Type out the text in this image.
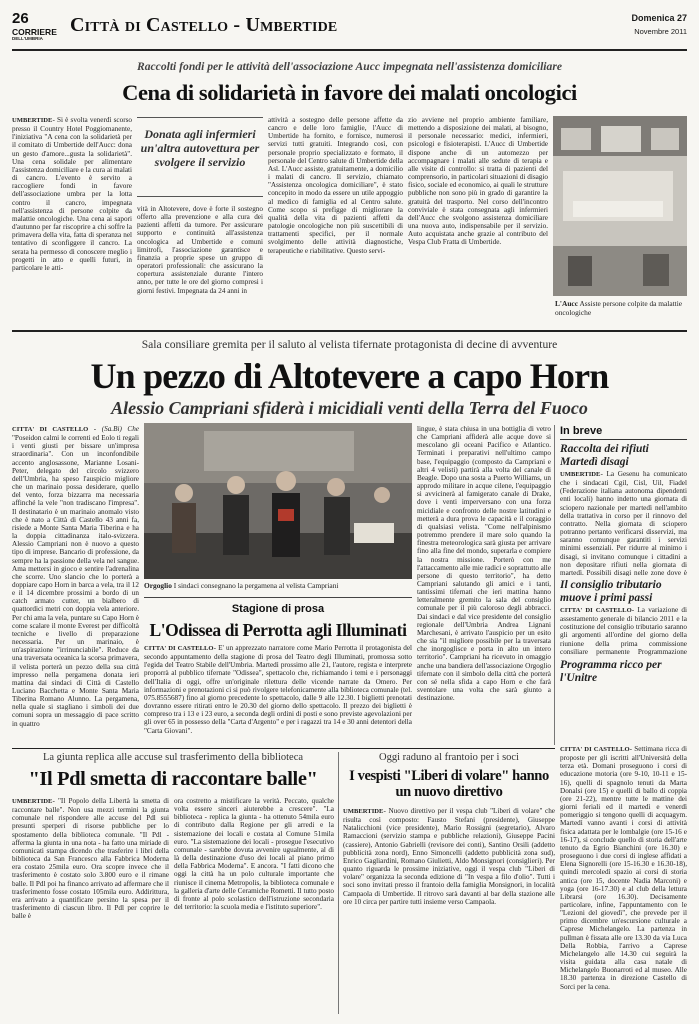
26
CORRIERE
DELL'UMBRIA
Città di Castello - Umbertide	Domenica 27
Novembre 2011
Raccolti fondi per le attività dell'associazione Aucc impegnata nell'assistenza domiciliare
Cena di solidarietà in favore dei malati oncologici

UMBERTIDE- Si è svolta venerdì scorso presso il Country Hotel Poggiomanente, l'iniziativa "A cena con la solidarietà per il comitato di Umbertide dell'Aucc: dona un gesto d'amore...gusta la solidarietà". Una cena solidale per alimentare l'assistenza domiciliare e la cura ai malati di cancro. L'evento è servito a raccogliere fondi in favore dell'associazione umbra per la lotta contro il cancro, impegnata nell'assistenza di persone colpite da malattie oncologiche. Una cena ai sapori d'autunno per far riscoprire a chi soffre la primavera della vita, fatta di speranza nel tentativo di sconfiggere il cancro. La serata ha permesso di conoscere meglio i progetti in atto e quelli futuri, in particolare le atti-

Donata agli infermieri un'altra autovettura per svolgere il servizio

vità in Altotevere, dove è forte il sostegno offerto alla prevenzione e alla cura dei pazienti affetti da tumore. Per assicurare supporto e continuità all'assistenza oncologica ad Umbertide e comuni limitrofi, l'associazione garantisce e finanzia a proprie spese un gruppo di operatori professionali: che assicurano la copertura assistenziale durante l'intero anno, per tutte le ore del giorno compresi i giorni festivi. Impegnata da 24 anni in

attività a sostegno delle persone affette da cancro e delle loro famiglie, l'Aucc di Umbertide ha fornito, e fornisce, numerosi servizi tutti gratuiti. Integrando così, con personale proprio specializzato e formato, il personale del Centro salute di Umbertide della Asl. L'Aucc assiste, gratuitamente, a domicilio i malati di cancro. Il servizio, chiamato "Assistenza oncologica domiciliare", è stato concepito in modo da essere un utile appoggio al medico di famiglia ed al Centro salute. Come scopo si prefigge di migliorare la qualità della vita di pazienti affetti da patologie oncologiche non più suscettibili di trattamenti specifici, per il normale svolgimento delle attività diagnostiche, terapeutiche e riabilitative. Questo servi-

zio avviene nel proprio ambiente familiare, mettendo a disposizione dei malati, al bisogno, il personale necessario: medici, infermieri, psicologi e fisioterapisti. L'Aucc di Umbertide dispone anche di un automezzo per accompagnare i malati alle sedute di terapia e alle visite di controllo: si tratta di pazienti del comprensorio, in particolari situazioni di disagio fisico, sociale ed economico, ai quali le strutture pubbliche non sono più in grado di garantire la gratuità del trasporto. Nel corso dell'incontro conviviale è stata consegnata agli infermieri dell'Aucc che svolgono assistenza domiciliare una nuova auto, indispensabile per il servizio. Auto acquistata anche grazie al contributo del Vespa Club Fratta di Umbertide.

L'Aucc Assiste persone colpite da malattie oncologiche
Sala consiliare gremita per il saluto al velista tifernate protagonista di decine di avventure
Un pezzo di Altotevere a capo Horn
Alessio Campriani sfiderà i micidiali venti della Terra del Fuoco

CITTA' DI CASTELLO - (Sa.Bi) Che "Poseidon calmi le correnti ed Eolo ti regali i venti giusti per bissare un'impresa straordinaria". Con un inconfondibile accento anglosassone, Marianne Losani-Peter, delegato del circolo svizzero dell'Umbria, ha speso l'auspicio migliore che un marinaio possa desiderare, quello del vento, forza bizzarra ma necessaria affinché la vele "non tradiscano l'impresa". Il destinatario è un marinaio anomalo visto che è nato a Città di Castello 43 anni fa, risiede a Monte Santa Maria Tiberina e ha la doppia cittadinanza italo-svizzera. Alessio Campriani non è nuovo a questo tipo di imprese. Bancario di professione, da sempre ha la passione della vela nel sangue. Ama mettersi in gioco e sentire l'adrenalina che scorre. Uno slancio che lo porterà a doppiare capo Horn in barca a vela, tra il 12 e il 14 dicembre prossimi a bordo di un catch armato cutter, un bialbero di quattordici metri con doppia vela anteriore. Per chi ama la vela, puntare su Capo Horn è come scalare il monte Everest per difficoltà tecniche e livello di preparazione necessaria. Per un marinaio, è un'aspirazione "irrinunciabile". Reduce da una traversata oceanica la scorsa primavera, il velista porterà un pezzo della sua città impresso nella pergamena donata ieri mattina dai sindaci di Città di Castello Luciano Bacchetta e Monte Santa Maria Tiberina Romano Alunno. La pergamena, nella quale si stagliano i simboli dei due comuni sopra un messaggio di pace scritto in quattro

Orgoglio I sindaci consegnano la pergamena al velista Campriani

lingue, è stata chiusa in una bottiglia di vetro che Campriani affiderà alle acque dove si mescolano gli oceani Pacifico e Atlantico. Terminati i preparativi nell'ultimo campo base, l'equipaggio (composto da Campriani e altri 4 velisti) partirà alla volta del canale di Beagle. Dopo una sosta a Puerto Williams, un approdo militare in acque cilene, l'equipaggio si avvicinerà al famigerato canale di Drake, dove i venti imperversano con una forza micidiale e confronto delle nostre latitudini e metterà a dura prova le capacità e il coraggio di qualsiasi velista. "Come nell'alpinismo potremmo prendere il mare solo quando la finestra meteorologica sarà giusta per arrivare fino alla fine del mondo, superarla e compiere la nostra missione. Porterò con me l'attaccamento alle mie radici e soprattutto alle persone di questo territorio", ha detto Campriani salutando gli amici e i tanti, tantissimi tifernati che ieri mattina hanno letteralmente gremito la sala del consiglio comunale per il più caloroso degli abbracci. Dai sindaci e dal vice presidente del consiglio regionale dell'Umbria Andrea Lignani Marchesani, è arrivato l'auspicio per un esito che sia "il migliore possibile per la traversata che inorgoglisce e porta in alto un intero territorio". Campriani ha ricevuto in omaggio anche una bandiera dell'associazione Orgoglio tifernate con il simbolo della città che porterà con sé nella sfida a capo Horn e che farà sventolare una volta che sarà giunto a destinazione.

Stagione di prosa
L'Odissea di Perrotta agli Illuminati

CITTA' DI CASTELLO- E' un apprezzato narratore come Mario Perrotta il protagonista del secondo appuntamento della stagione di prosa del Teatro degli Illuminati, promossa sotto l'egida del Teatro Stabile dell'Umbria. Martedì prossimo alle 21, l'autore, regista e interprete proporrà al pubblico tifernate "Odissea", spettacolo che, richiamando i temi e i personaggi dell'Italia di oggi, offre un'originale rilettura delle vicende narrate da Omero. Per informazioni e prenotazioni ci si può rivolgere telefonicamente alla biblioteca comunale (tel. 075.8555687) fino al giorno precedente lo spettacolo, dalle 9 alle 12.30. I biglietti prenotati dovranno essere ritirati entro le 20.30 del giorno dello spettacolo. Il prezzo dei biglietti è compreso tra i 13 e i 23 euro, a seconda degli ordini di posti e sono previste agevolazioni per gli over 65 in possesso della "Carta d'Argento" e per i ragazzi tra 14 e 30 anni detentori della "Carta Giovani".

In breve
Raccolta dei rifiuti Martedì disagi

UMBERTIDE- La Gesenu ha comunicato che i sindacati Cgil, Cisl, Uil, Fiadel (Federazione italiana autonoma dipendenti enti locali) hanno indetto una giornata di sciopero nazionale per martedì nell'ambito della trattativa in corso per il rinnovo del contratto. Nella giornata di sciopero potranno pertanto verificarsi disservizi, ma saranno comunque garantiti i servizi minimi essenziali. Per ridurre al minimo i disagi, si invitano comunque i cittadini a non depositare rifiuti nella giornata di martedì. Possibili disagi nelle zone dove è

Il consiglio tributario muove i primi passi

CITTA' DI CASTELLO- La variazione di assestamento generale di bilancio 2011 e la costituzione del consiglio tributario saranno gli argomenti all'ordine del giorno della riunione della prima commissione consiliare permanente Programmazione

Programma ricco per l'Unitre

CITTA' DI CASTELLO- Settimana ricca di proposte per gli iscritti all'Università della terza età. Domani proseguono i corsi di educazione motoria (ore 9-10, 10-11 e 15-16), quelli di spagnolo tenuti da Marta Donalsi (ore 15) e quelli di ballo di coppia (ore 21-22), mentre tutte le mattine dei giorni feriali ed il martedì e venerdì pomeriggio si tengono quelli di acquagym. Martedì vanno avanti i corsi di attività fisica adattata per le lombalgie (ore 15-16 e 16-17), si conclude quello di storia dell'arte tenuto da Egrio Bianchini (ore 16.30) e proseguono i due corsi di inglese affidati a Elena Signorelli (ore 15-16.30 e 16.30-18), quindi mercoledì spazio ai corsi di storia antica (ore 15, docente Nadia Marconi) e yoga (ore 16-17.30) e al club della lettura Librarsi (ore 16.30). Decisamente particolare, infine, l'appuntamento con le "Lezioni del giovedì", che prevede per il primo dicembre un'escursione culturale a Caprese Michelangelo. La partenza in pullman è fissata alle ore 13.30 da via Luca Della Robbia, l'arrivo a Caprese Michelangelo alle 14.30 cui seguirà la visita guidata alla casa natale di Michelangelo Buonarroti ed al museo. Alle 18.30 partenza in direzione Castello di Sorci per la cena.

La giunta replica alle accuse sul trasferimento della biblioteca
"Il Pdl smetta di raccontare balle"

UMBERTIDE- "Il Popolo della Libertà la smetta di raccontare balle". Non usa mezzi termini la giunta comunale nel rispondere alle accuse del Pdl sui presunti sperperi di risorse pubbliche per lo spostamento della biblioteca comunale. "Il Pdl - afferma la giunta in una nota - ha fatto una miriade di comunicati stampa dicendo che trasferire i libri della biblioteca da San Francesco alla Fabbrica Moderna era costato 25mila euro. Ora scopre invece che il trasferimento è costato solo 3.800 euro e il rimane balle. Il Pdl poi ha financo arrivato ad affermare che il trasferimento fosse costato 105mila euro. Addirittura, era arrivato a quantificare persino la spesa per il trasferimento di ciascun libro. Il Pdl per coprire le balle è

ora costretto a mistificare la verità. Peccato, qualche volta essere sinceri aiuterebbe a crescere". "La biblioteca - replica la giunta - ha ottenuto 54mila euro di contributo dalla Regione per gli arredi e la sistemazione dei locali e costata al Comune 51mila euro. "La sistemazione dei locali - prosegue l'esecutivo comunale - sarebbe dovuta avvenire ugualmente, al di là della destinazione d'uso dei locali al piano primo della Fabbrica Moderna". E ancora. "I fatti dicono che oggi la città ha un polo culturale importante che riunisce il cinema Metropolis, la biblioteca comunale e la galleria d'arte delle Ceramiche Rometti. Il tutto posto di fronte al polo scolastico dell'istruzione secondaria del territorio: la scuola media e l'istituto superiore".

Oggi raduno al frantoio per i soci
I vespisti "Liberi di volare" hanno un nuovo direttivo

UMBERTIDE- Nuovo direttivo per il vespa club "Liberi di volare" che risulta così composto: Fausto Stefani (presidente), Giuseppe Natalicchioni (vice presidente), Mario Rossigni (segretario), Alvaro Ramaccioni (servizio stampa e pubbliche relazioni), Giuseppe Pacini (cassiere), Antonio Gabrielli (revisore dei conti), Santino Orsili (addetto pubblicità zona nord), Enno Simoncelli (addetto pubblicità zona sud), Enrico Gagliardini, Romano Giulietti, Aldo Monsignori (consiglieri). Per quanto riguarda le prossime iniziative, oggi il vespa club "Liberi di volare" organizza la seconda edizione di "In vespa a filo d'olio". Tutti i soci sono invitati presso il frantoio della famiglia Monsignori, in località Campaola di Umbertide. Il ritrovo sarà davanti al bar della stazione alle ore 10 circa per partire tutti insieme verso Campaola.
